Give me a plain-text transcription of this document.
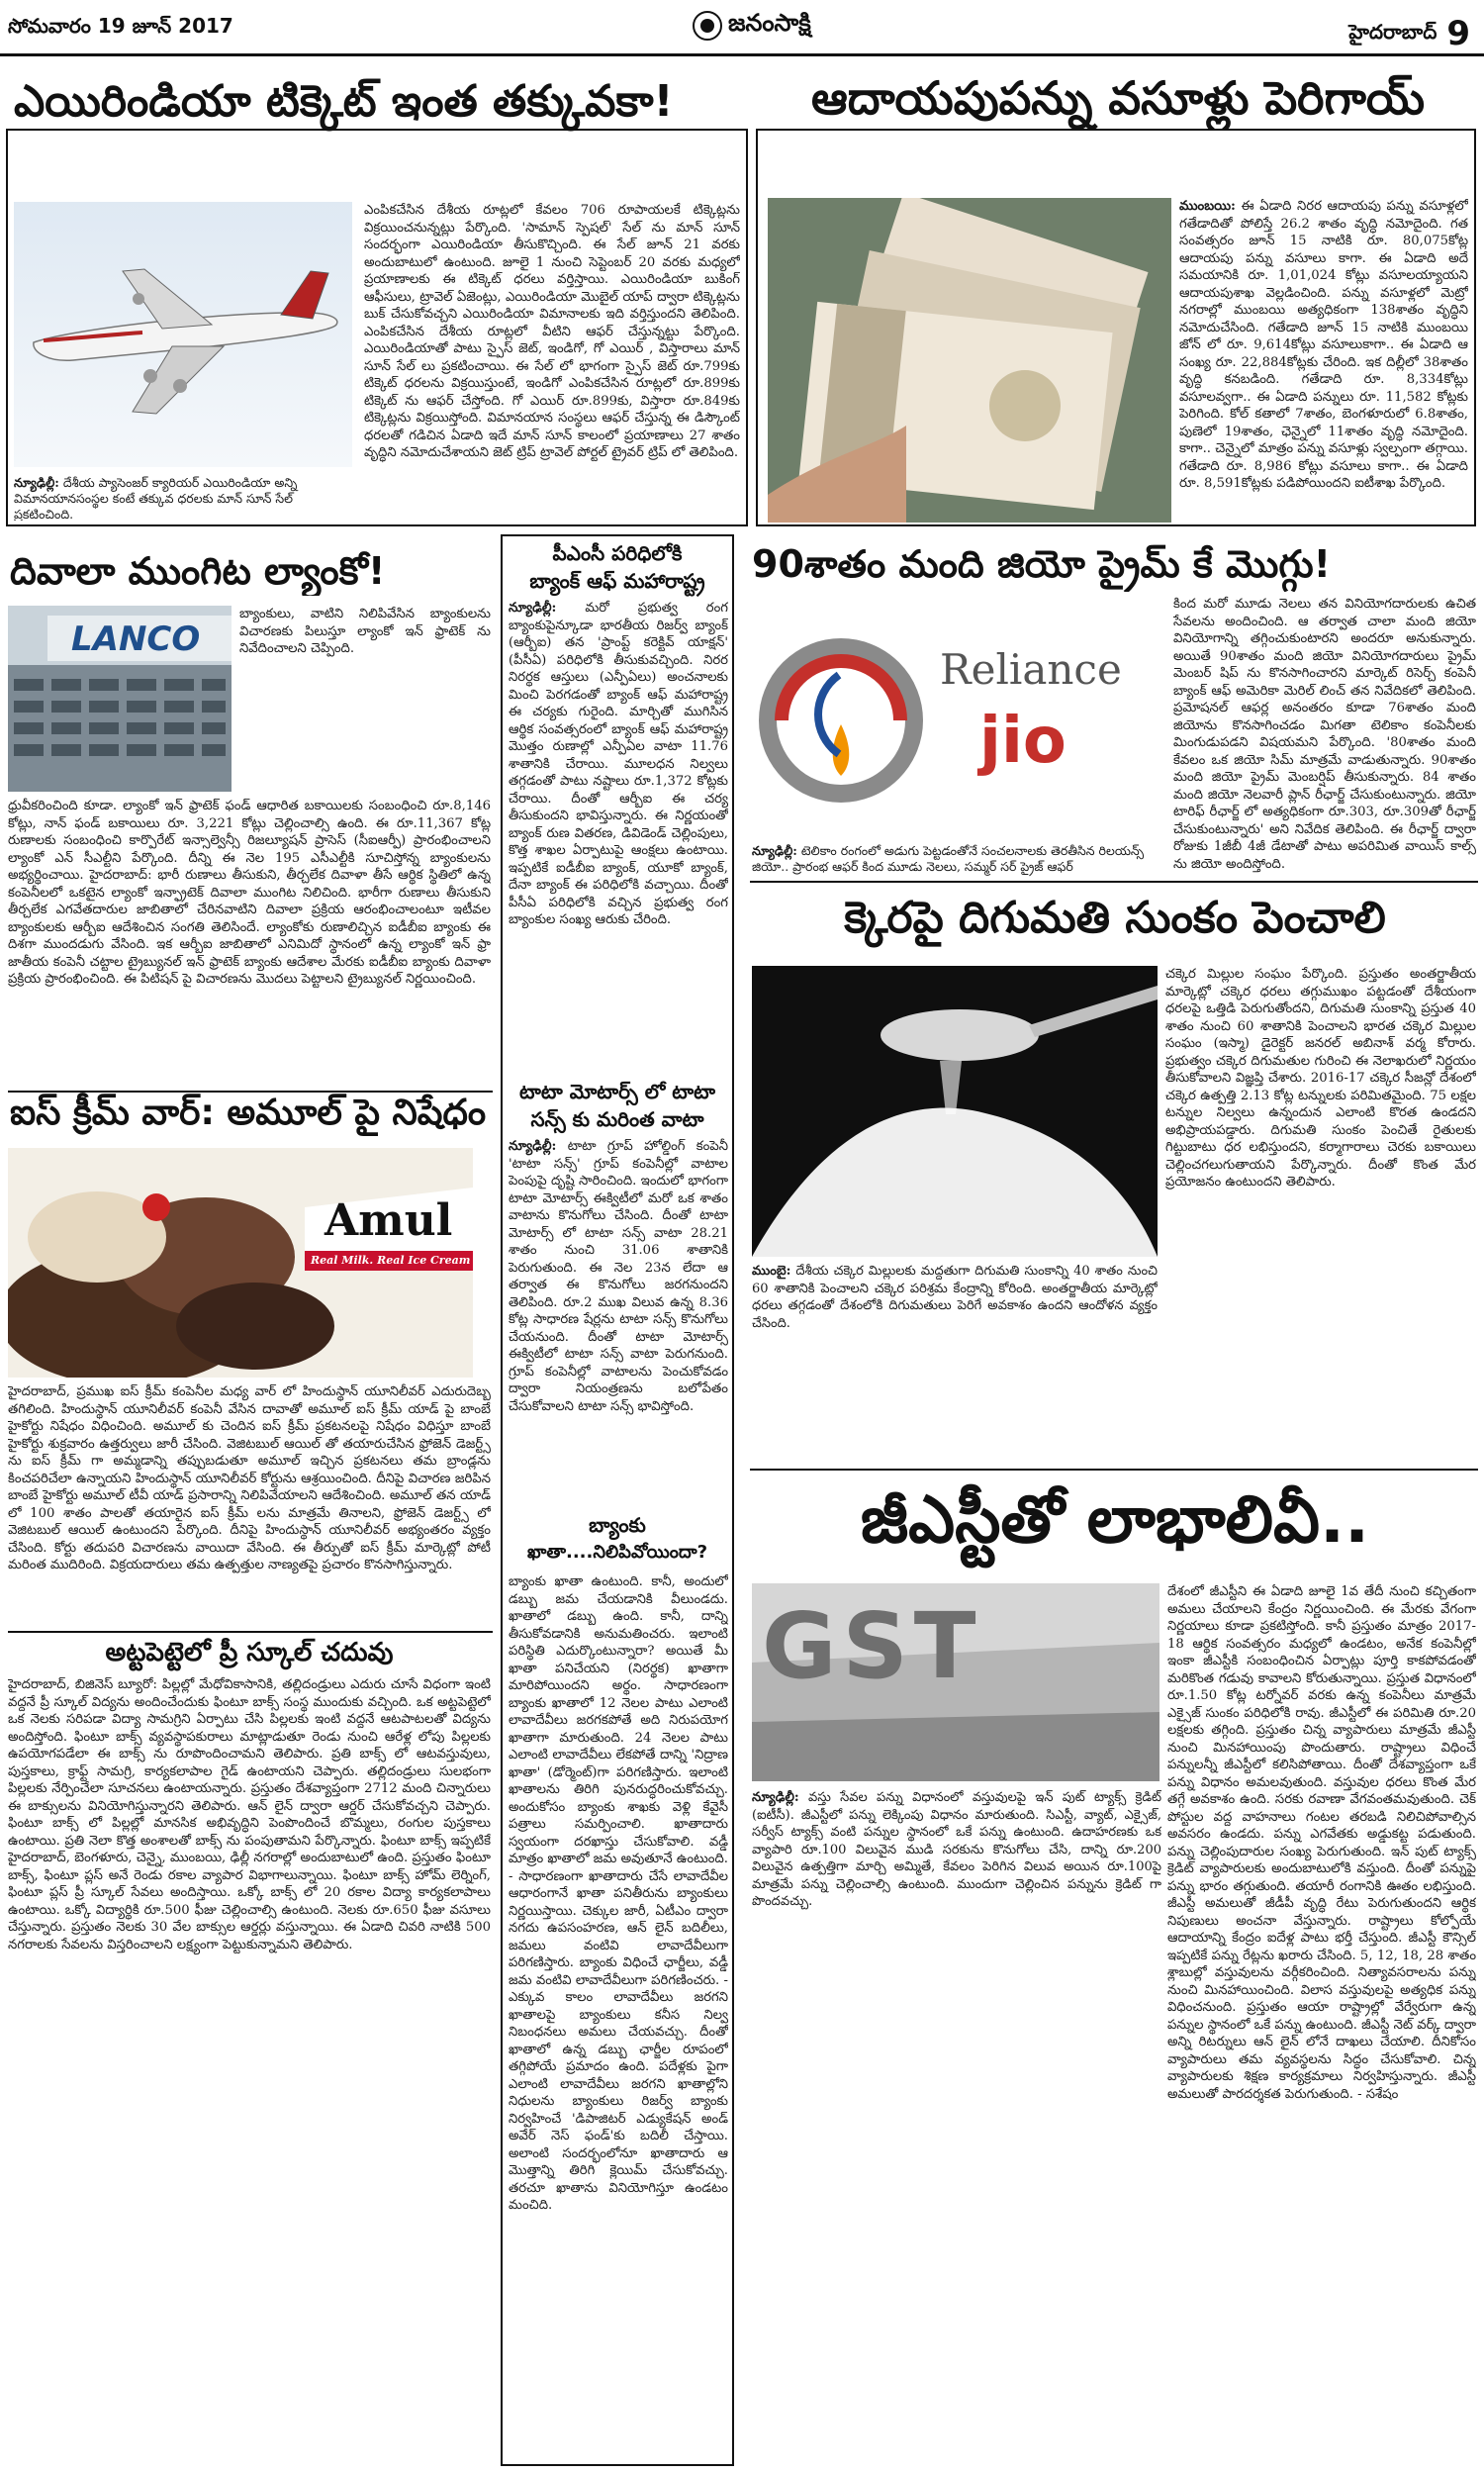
సోమవారం 19 జూన్ 2017	జనంసాక్షి	హైదరాబాద్ 9
ఎయిరిండియా టిక్కెట్ ఇంత తక్కువకా!
ఎంపికచేసిన దేశీయ రూట్లలో కేవలం 706 రూపాయలకే టిక్కెట్లను విక్రయించనున్నట్లు పేర్కొంది. 'సామాన్ స్పెషల్' సేల్ ను మాన్ సూన్ సందర్భంగా ఎయిరిండియా తీసుకొచ్చింది. ఈ సేల్ జూన్ 21 వరకు అందుబాటులో ఉంటుంది. జూలై 1 నుంచి సెప్టెంబర్ 20 వరకు మధ్యలో ప్రయాణాలకు ఈ టిక్కెట్ ధరలు వర్తిస్తాయి. ఎయిరిండియా బుకింగ్ ఆఫీసులు, ట్రావెల్ ఏజెంట్లు, ఎయిరిండియా మొబైల్ యాప్ ద్వారా టిక్కెట్లను బుక్ చేసుకోవచ్చని ఎయిరిండియా విమానాలకు ఇది వర్తిస్తుందని తెలిపింది. ఎంపికచేసిన దేశీయ రూట్లలో వీటిని ఆఫర్ చేస్తున్నట్టు పేర్కొంది. ఎయిరిండియాతో పాటు స్పైస్ జెట్, ఇండిగో, గో ఎయిర్ , విస్తారాలు మాన్ సూన్ సేల్ లు ప్రకటించాయి. ఈ సేల్ లో భాగంగా స్పైస్ జెట్ రూ.799కు టిక్కెట్ ధరలను విక్రయిస్తుంటే, ఇండిగో ఎంపికచేసిన రూట్లలో రూ.899కు టిక్కెట్ ను ఆఫర్ చేస్తోంది. గో ఎయిర్ రూ.899కు, విస్తారా రూ.849కు టిక్కెట్లను విక్రయిస్తోంది. విమానయాన సంస్థలు ఆఫర్ చేస్తున్న ఈ డిస్కౌంట్ ధరలతో గడిచిన ఏడాది ఇదే మాన్ సూన్ కాలంలో ప్రయాణాలు 27 శాతం వృద్ధిని నమోదుచేశాయని జెట్ ట్రిప్ ట్రావెల్ పోర్టల్ ట్రైవర్ ట్రిప్ లో తెలిపింది.
న్యూఢిల్లీ: దేశీయ ప్యాసెంజర్ క్యారియర్ ఎయిరిండియా అన్ని విమానయానసంస్థల కంటే తక్కువ ధరలకు మాన్ సూన్ సేల్ ప్రకటించింది.
ఆదాయపుపన్ను వసూళ్లు పెరిగాయ్
ముంబయి: ఈ ఏడాది నిరర ఆదాయపు పన్ను వసూళ్లలో గతేడాదితో పోలిస్తే 26.2 శాతం వృద్ధి నమోదైంది. గత సంవత్సరం జూన్ 15 నాటికి రూ. 80,075కోట్ల ఆదాయపు పన్ను వసూలు కాగా. ఈ ఏడాది అదే సమయానికి రూ. 1,01,024 కోట్లు వసూలయ్యాయని ఆదాయపుశాఖ వెల్లడించింది. పన్ను వసూళ్లలో మెట్రో నగరాల్లో ముంబయి అత్యధికంగా 138శాతం వృద్ధిని నమోదుచేసింది. గతేడాది జూన్ 15 నాటికి ముంబయి జోన్ లో రూ. 9,614కోట్లు వసూలుకాగా.. ఈ ఏడాది ఆ సంఖ్య రూ. 22,884కోట్లకు చేరింది. ఇక దిల్లీలో 38శాతం వృద్ధి కనబడింది. గతేడాది రూ. 8,334కోట్లు వసూలవ్వగా.. ఈ ఏడాది పన్నులు రూ. 11,582 కోట్లకు పెరిగింది. కోల్ కతాలో 7శాతం, బెంగళూరులో 6.8శాతం, పుణెలో 19శాతం, ఛెన్నైలో 11శాతం వృద్ధి నమోదైంది. కాగా.. చెన్నైలో మాత్రం పన్ను వసూళ్లు స్వల్పంగా తగ్గాయి. గతేడాది రూ. 8,986 కోట్లు వసూలు కాగా.. ఈ ఏడాది రూ. 8,591కోట్లకు పడిపోయిందని ఐటీశాఖ పేర్కొంది.
దివాలా ముంగిట ల్యాంకో!
LANCO
బ్యాంకులు, వాటిని నిలిపివేసిన బ్యాంకులను విచారణకు పిలుస్తూ ల్యాంకో ఇన్ ఫ్రాటెక్ ను నివేదించాలని చెప్పింది.
ధ్రువీకరించింది కూడా. ల్యాంకో ఇన్ ఫ్రాటెక్ ఫండ్ ఆధారిత బకాయిలకు సంబంధించి రూ.8,146 కోట్లు, నాన్ ఫండ్ బకాయిలు రూ. 3,221 కోట్లు చెల్లించాల్సి ఉంది. ఈ రూ.11,367 కోట్ల రుణాలకు సంబంధించి కార్పొరేట్ ఇన్సాల్వెన్సీ రిజల్యూషన్ ప్రాసెస్ (సీఐఆర్పీ) ప్రారంభించాలని ల్యాంకో ఎన్ సీఎల్టీని పేర్కొంది. దీన్ని ఈ నెల 195 ఎసీఎల్టీకి సూచిస్తోన్న బ్యాంకులను అభ్యర్థించాయి. హైదరాబాద్: భారీ రుణాలు తీసుకుని, తీర్చలేక దివాళా తీసే ఆర్థిక స్థితిలో ఉన్న కంపెనీలలో ఒకటైన ల్యాంకో ఇన్ఫ్రాటెక్ దివాలా ముంగిట నిలిచింది. భారీగా రుణాలు తీసుకుని తీర్చలేక ఎగవేతదారుల జాబితాలో చేరినవాటిని దివాలా ప్రక్రియ ఆరంభించాలంటూ ఇటీవల బ్యాంకులకు ఆర్బీఐ ఆదేశించిన సంగతి తెలిసిందే. ల్యాంకోకు రుణాలిచ్చిన ఐడీబీఐ బ్యాంకు ఈ దిశగా ముందడుగు వేసింది. ఇక ఆర్బీఐ జాబితాలో ఎనిమిదో స్థానంలో ఉన్న ల్యాంకో ఇన్ ఫ్రా జాతీయ కంపెనీ చట్టాల ట్రైబ్యునల్ ఇన్ ఫ్రాటెక్ బ్యాంకు ఆదేశాల మేరకు ఐడీబీఐ బ్యాంకు దివాళా ప్రక్రియ ప్రారంభించింది. ఈ పిటిషన్ పై విచారణను మొదలు పెట్టాలని ట్రైబ్యునల్ నిర్ణయించింది.
ఐస్ క్రీమ్ వార్: అమూల్ పై నిషేధం
Amul
Real Milk. Real Ice Cream
హైదరాబాద్, ప్రముఖ ఐస్ క్రీమ్ కంపెనీల మధ్య వార్ లో హిందుస్థాన్ యూనిలీవర్ ఎదురుదెబ్బ తగిలింది. హిందుస్థాన్ యూనిలీవర్ కంపెనీ వేసిన దావాతో అమూల్ ఐస్ క్రీమ్ యాడ్ పై బాంబే హైకోర్టు నిషేధం విధించింది. అమూల్ కు చెందిన ఐస్ క్రీమ్ ప్రకటనలపై నిషేధం విధిస్తూ బాంబే హైకోర్టు శుక్రవారం ఉత్తర్వులు జారీ చేసింది. వెజిటబుల్ ఆయిల్ తో తయారుచేసిన ఫ్రోజెన్ డెజర్ట్స్ ను ఐస్ క్రీమ్ గా అమ్మడాన్ని తప్పుబడుతూ అమూల్ ఇచ్చిన ప్రకటనలు తమ బ్రాండ్లను కించపరిచేలా ఉన్నాయని హిందుస్థాన్ యూనిలీవర్ కోర్టును ఆశ్రయించింది. దీనిపై విచారణ జరిపిన బాంబే హైకోర్టు అమూల్ టీవీ యాడ్ ప్రసారాన్ని నిలిపివేయాలని ఆదేశించింది. అమూల్ తన యాడ్ లో 100 శాతం పాలతో తయారైన ఐస్ క్రీమ్ లను మాత్రమే తినాలని, ఫ్రోజెన్ డెజర్ట్స్ లో వెజిటబుల్ ఆయిల్ ఉంటుందని పేర్కొంది. దీనిపై హిందుస్థాన్ యూనిలీవర్ అభ్యంతరం వ్యక్తం చేసింది. కోర్టు తదుపరి విచారణను వాయిదా వేసింది. ఈ తీర్పుతో ఐస్ క్రీమ్ మార్కెట్లో పోటీ మరింత ముదిరింది. విక్రయదారులు తమ ఉత్పత్తుల నాణ్యతపై ప్రచారం కొనసాగిస్తున్నారు.
అట్టపెట్టెలో ప్రీ స్కూల్ చదువు
హైదరాబాద్, బిజినెస్ బ్యూరో: పిల్లల్లో మేధోవికాసానికి, తల్లిదండ్రులు ఎదురు చూసే విధంగా ఇంటి వద్దనే ప్రీ స్కూల్ విద్యను అందించేందుకు ఫింటూ బాక్స్ సంస్థ ముందుకు వచ్చింది. ఒక అట్టపెట్టెలో ఒక నెలకు సరిపడా విద్యా సామగ్రిని ఏర్పాటు చేసి పిల్లలకు ఇంటి వద్దనే ఆటపాటలతో విద్యను అందిస్తోంది. ఫింటూ బాక్స్ వ్యవస్థాపకురాలు మాట్లాడుతూ రెండు నుంచి ఆరేళ్ల లోపు పిల్లలకు ఉపయోగపడేలా ఈ బాక్స్ ను రూపొందించామని తెలిపారు. ప్రతి బాక్స్ లో ఆటవస్తువులు, పుస్తకాలు, క్రాఫ్ట్ సామగ్రి, కార్యకలాపాల గైడ్ ఉంటాయని చెప్పారు. తల్లిదండ్రులు సులభంగా పిల్లలకు నేర్పించేలా సూచనలు ఉంటాయన్నారు. ప్రస్తుతం దేశవ్యాప్తంగా 2712 మంది చిన్నారులు ఈ బాక్సులను వినియోగిస్తున్నారని తెలిపారు. ఆన్ లైన్ ద్వారా ఆర్డర్ చేసుకోవచ్చని చెప్పారు. ఫింటూ బాక్స్ లో పిల్లల్లో మానసిక అభివృద్ధిని పెంపొందించే బొమ్మలు, రంగుల పుస్తకాలు ఉంటాయి. ప్రతి నెలా కొత్త అంశాలతో బాక్స్ ను పంపుతామని పేర్కొన్నారు. ఫింటూ బాక్స్ ఇప్పటికే హైదరాబాద్, బెంగళూరు, చెన్నై, ముంబయి, ఢిల్లీ నగరాల్లో అందుబాటులో ఉంది. ప్రస్తుతం ఫింటూ బాక్స్, ఫింటూ ప్లస్ అనే రెండు రకాల వ్యాపార విభాగాలున్నాయి. ఫింటూ బాక్స్ హోమ్ లెర్నింగ్, ఫింటూ ప్లస్ ప్రీ స్కూల్ సేవలు అందిస్తాయి. ఒక్కో బాక్స్ లో 20 రకాల విద్యా కార్యకలాపాలు ఉంటాయి. ఒక్కో విద్యార్థికి రూ.500 ఫీజు చెల్లించాల్సి ఉంటుంది. నెలకు రూ.650 ఫీజు వసూలు చేస్తున్నారు. ప్రస్తుతం నెలకు 30 వేల బాక్సుల ఆర్డర్లు వస్తున్నాయి. ఈ ఏడాది చివరి నాటికి 500 నగరాలకు సేవలను విస్తరించాలని లక్ష్యంగా పెట్టుకున్నామని తెలిపారు.
పీఎంసీ పరిధిలోకి
బ్యాంక్ ఆఫ్ మహారాష్ట్ర
న్యూఢిల్లీ: మరో ప్రభుత్వ రంగ బ్యాంకుపైన్కూడా భారతీయ రిజర్వ్ బ్యాంక్ (ఆర్బీఐ) తన 'ప్రాంప్ట్ కరెక్టివ్ యాక్షన్' (పీసీఏ) పరిధిలోకి తీసుకువచ్చింది. నిరర నిరర్థక ఆస్తులు (ఎన్పీఏలు) అంచనాలకు మించి పెరగడంతో బ్యాంక్ ఆఫ్ మహారాష్ట్ర ఈ చర్యకు గురైంది. మార్చితో ముగిసిన ఆర్థిక సంవత్సరంలో బ్యాంక్ ఆఫ్ మహారాష్ట్ర మొత్తం రుణాల్లో ఎన్పీఏల వాటా 11.76 శాతానికి చేరాయి. మూలధన నిల్వలు తగ్గడంతో పాటు నష్టాలు రూ.1,372 కోట్లకు చేరాయి. దీంతో ఆర్బీఐ ఈ చర్య తీసుకుందని భావిస్తున్నారు. ఈ నిర్ణయంతో బ్యాంక్ రుణ వితరణ, డివిడెండ్ చెల్లింపులు, కొత్త శాఖల ఏర్పాటుపై ఆంక్షలు ఉంటాయి. ఇప్పటికే ఐడీబీఐ బ్యాంక్, యూకో బ్యాంక్, దేనా బ్యాంక్ ఈ పరిధిలోకి వచ్చాయి. దీంతో పీసీఏ పరిధిలోకి వచ్చిన ప్రభుత్వ రంగ బ్యాంకుల సంఖ్య ఆరుకు చేరింది.
టాటా మోటార్స్ లో టాటా
సన్స్ కు మరింత వాటా
న్యూఢిల్లీ: టాటా గ్రూప్ హోల్డింగ్ కంపెనీ 'టాటా సన్స్' గ్రూప్ కంపెనీల్లో వాటాల పెంపుపై దృష్టి సారించింది. ఇందులో భాగంగా టాటా మోటార్స్ ఈక్విటీలో మరో ఒక శాతం వాటాను కొనుగోలు చేసింది. దీంతో టాటా మోటార్స్ లో టాటా సన్స్ వాటా 28.21 శాతం నుంచి 31.06 శాతానికి పెరుగుతుంది. ఈ నెల 23న లేదా ఆ తర్వాత ఈ కొనుగోలు జరగనుందని తెలిపింది. రూ.2 ముఖ విలువ ఉన్న 8.36 కోట్ల సాధారణ షేర్లను టాటా సన్స్ కొనుగోలు చేయనుంది. దీంతో టాటా మోటార్స్ ఈక్విటీలో టాటా సన్స్ వాటా పెరుగనుంది. గ్రూప్ కంపెనీల్లో వాటాలను పెంచుకోవడం ద్వారా నియంత్రణను బలోపేతం చేసుకోవాలని టాటా సన్స్ భావిస్తోంది.
బ్యాంకు
ఖాతా....నిలిపివోయిందా?
బ్యాంకు ఖాతా ఉంటుంది. కానీ, అందులో డబ్బు జమ చేయడానికి వీలుండదు. ఖాతాలో డబ్బు ఉంది. కానీ, దాన్ని తీసుకోవడానికి అనుమతించరు. ఇలాంటి పరిస్థితి ఎదుర్కొంటున్నారా? అయితే మీ ఖాతా పనిచేయని (నిరర్థక) ఖాతాగా మారిపోయిందని అర్థం. సాధారణంగా బ్యాంకు ఖాతాలో 12 నెలల పాటు ఎలాంటి లావాదేవీలు జరగకపోతే అది నిరుపయోగ ఖాతాగా మారుతుంది. 24 నెలల పాటు ఎలాంటి లావాదేవీలు లేకపోతే దాన్ని 'నిద్రాణ ఖాతా' (డోర్మెంట్)గా పరిగణిస్తారు. ఇలాంటి ఖాతాలను తిరిగి పునరుద్ధరించుకోవచ్చు. అందుకోసం బ్యాంకు శాఖకు వెళ్లి కేవైసీ పత్రాలు సమర్పించాలి. ఖాతాదారు స్వయంగా దరఖాస్తు చేసుకోవాలి. వడ్డీ మాత్రం ఖాతాలో జమ అవుతూనే ఉంటుంది. - సాధారణంగా ఖాతాదారు చేసే లావాదేవీల ఆధారంగానే ఖాతా పనితీరును బ్యాంకులు నిర్ణయిస్తాయి. చెక్కుల జారీ, ఏటీఎం ద్వారా నగదు ఉపసంహరణ, ఆన్ లైన్ బదిలీలు, జమలు వంటివి లావాదేవీలుగా పరిగణిస్తారు. బ్యాంకు విధించే ఛార్జీలు, వడ్డీ జమ వంటివి లావాదేవీలుగా పరిగణించరు. - ఎక్కువ కాలం లావాదేవీలు జరగని ఖాతాలపై బ్యాంకులు కనీస నిల్వ నిబంధనలు అమలు చేయవచ్చు. దీంతో ఖాతాలో ఉన్న డబ్బు ఛార్జీల రూపంలో తగ్గిపోయే ప్రమాదం ఉంది. పదేళ్లకు పైగా ఎలాంటి లావాదేవీలు జరగని ఖాతాల్లోని నిధులను బ్యాంకులు రిజర్వ్ బ్యాంకు నిర్వహించే 'డిపాజిటర్ ఎడ్యుకేషన్ అండ్ అవేర్ నెస్ ఫండ్'కు బదిలీ చేస్తాయి. అలాంటి సందర్భంలోనూ ఖాతాదారు ఆ మొత్తాన్ని తిరిగి క్లెయిమ్ చేసుకోవచ్చు. తరచూ ఖాతాను వినియోగిస్తూ ఉండటం మంచిది.
90శాతం మంది జియో ప్రైమ్ కే మొగ్గు!
Reliance
jio
కింద మరో మూడు నెలలు తన వినియోగదారులకు ఉచిత సేవలను అందించింది. ఆ తర్వాత చాలా మంది జియో వినియోగాన్ని తగ్గించుకుంటారని అందరూ అనుకున్నారు. అయితే 90శాతం మంది జియో వినియోగదారులు ప్రైమ్ మెంబర్ షిప్ ను కొనసాగించారని మార్కెట్ రిసెర్చ్ కంపెనీ బ్యాంక్ ఆఫ్ అమెరికా మెరిల్ లించ్ తన నివేదికలో తెలిపింది. ప్రమోషనల్ ఆఫర్ల అనంతరం కూడా 76శాతం మంది జియోను కొనసాగించడం మిగతా టెలికాం కంపెనీలకు మింగుడుపడని విషయమని పేర్కొంది. '80శాతం మంది కేవలం ఒక జియో సిమ్ మాత్రమే వాడుతున్నారు. 90శాతం మంది జియో ప్రైమ్ మెంబర్షిప్ తీసుకున్నారు. 84 శాతం మంది జియో నెలవారీ ప్లాన్ రీఛార్జ్ చేసుకుంటున్నారు. జియో టారిఫ్ రీఛార్జ్ లో అత్యధికంగా రూ.303, రూ.309తో రీఛార్జ్ చేసుకుంటున్నారు' అని నివేదిక తెలిపింది. ఈ రీఛార్జ్ ద్వారా రోజుకు 1జీబీ 4జీ డేటాతో పాటు అపరిమిత వాయిస్ కాల్స్ ను జియో అందిస్తోంది.
న్యూఢిల్లీ: టెలికాం రంగంలో అడుగు పెట్టడంతోనే సంచలనాలకు తెరతీసిన రిలయన్స్ జియో.. ప్రారంభ ఆఫర్ కింద మూడు నెలలు, సమ్మర్ సర్ ప్రైజ్ ఆఫర్
క్కెరపై దిగుమతి సుంకం పెంచాలి
చక్కెర మిల్లుల సంఘం పేర్కొంది. ప్రస్తుతం అంతర్జాతీయ మార్కెట్లో చక్కెర ధరలు తగ్గుముఖం పట్టడంతో దేశీయంగా ధరలపై ఒత్తిడి పెరుగుతోందని, దిగుమతి సుంకాన్ని ప్రస్తుత 40 శాతం నుంచి 60 శాతానికి పెంచాలని భారత చక్కెర మిల్లుల సంఘం (ఇస్మా) డైరెక్టర్ జనరల్ అబినాశ్ వర్మ కోరారు. ప్రభుత్వం చక్కెర దిగుమతుల గురించి ఈ నెలాఖరులో నిర్ణయం తీసుకోవాలని విజ్ఞప్తి చేశారు. 2016-17 చక్కెర సీజన్లో దేశంలో చక్కెర ఉత్పత్తి 2.13 కోట్ల టన్నులకు పరిమితమైంది. 75 లక్షల టన్నుల నిల్వలు ఉన్నందున ఎలాంటి కొరత ఉండదని అభిప్రాయపడ్డారు. దిగుమతి సుంకం పెంచితే రైతులకు గిట్టుబాటు ధర లభిస్తుందని, కర్మాగారాలు చెరకు బకాయిలు చెల్లించగలుగుతాయని పేర్కొన్నారు. దీంతో కొంత మేర ప్రయోజనం ఉంటుందని తెలిపారు.
ముంబై: దేశీయ చక్కెర మిల్లులకు మద్దతుగా దిగుమతి సుంకాన్ని 40 శాతం నుంచి 60 శాతానికి పెంచాలని చక్కెర పరిశ్రమ కేంద్రాన్ని కోరింది. అంతర్జాతీయ మార్కెట్లో ధరలు తగ్గడంతో దేశంలోకి దిగుమతులు పెరిగే అవకాశం ఉందని ఆందోళన వ్యక్తం చేసింది.
జీఎస్టీతో లాభాలివీ..
GST
దేశంలో జీఎస్టీని ఈ ఏడాది జూలై 1వ తేదీ నుంచి కచ్చితంగా అమలు చేయాలని కేంద్రం నిర్ణయించింది. ఈ మేరకు వేగంగా నిర్ణయాలు కూడా ప్రకటిస్తోంది. కానీ ప్రస్తుతం మాత్రం 2017-18 ఆర్థిక సంవత్సరం మధ్యలో ఉండటం, అనేక కంపెనీల్లో ఇంకా జీఎస్టీకి సంబంధించిన ఏర్పాట్లు పూర్తి కాకపోవడంతో మరికొంత గడువు కావాలని కోరుతున్నాయి. ప్రస్తుత విధానంలో రూ.1.50 కోట్ల టర్నోవర్ వరకు ఉన్న కంపెనీలు మాత్రమే ఎక్సైజ్ సుంకం పరిధిలోకి రావు. జీఎస్టీలో ఈ పరిమితి రూ.20 లక్షలకు తగ్గింది. ప్రస్తుతం చిన్న వ్యాపారులు మాత్రమే జీఎస్టీ నుంచి మినహాయింపు పొందుతారు. రాష్ట్రాలు విధించే పన్నులన్నీ జీఎస్టీలో కలిసిపోతాయి. దీంతో దేశవ్యాప్తంగా ఒకే పన్ను విధానం అమలవుతుంది. వస్తువుల ధరలు కొంత మేర తగ్గే అవకాశం ఉంది. సరకు రవాణా వేగవంతమవుతుంది. చెక్ పోస్టుల వద్ద వాహనాలు గంటల తరబడి నిలిచిపోవాల్సిన అవసరం ఉండదు. పన్ను ఎగవేతకు అడ్డుకట్ట పడుతుంది. పన్ను చెల్లింపుదారుల సంఖ్య పెరుగుతుంది. ఇన్ పుట్ ట్యాక్స్ క్రెడిట్ వ్యాపారులకు అందుబాటులోకి వస్తుంది. దీంతో పన్నుపై పన్ను భారం తగ్గుతుంది. తయారీ రంగానికి ఊతం లభిస్తుంది. జీఎస్టీ అమలుతో జీడీపీ వృద్ధి రేటు పెరుగుతుందని ఆర్థిక నిపుణులు అంచనా వేస్తున్నారు. రాష్ట్రాలు కోల్పోయే ఆదాయాన్ని కేంద్రం ఐదేళ్ల పాటు భర్తీ చేస్తుంది. జీఎస్టీ కౌన్సిల్ ఇప్పటికే పన్ను రేట్లను ఖరారు చేసింది. 5, 12, 18, 28 శాతం శ్లాబుల్లో వస్తువులను వర్గీకరించింది. నిత్యావసరాలను పన్ను నుంచి మినహాయించింది. విలాస వస్తువులపై అత్యధిక పన్ను విధించనుంది. ప్రస్తుతం ఆయా రాష్ట్రాల్లో వేర్వేరుగా ఉన్న పన్నుల స్థానంలో ఒకే పన్ను ఉంటుంది. జీఎస్టీ నెట్ వర్క్ ద్వారా అన్ని రిటర్నులు ఆన్ లైన్ లోనే దాఖలు చేయాలి. దీనికోసం వ్యాపారులు తమ వ్యవస్థలను సిద్ధం చేసుకోవాలి. చిన్న వ్యాపారులకు శిక్షణ కార్యక్రమాలు నిర్వహిస్తున్నారు. జీఎస్టీ అమలుతో పారదర్శకత పెరుగుతుంది. - సశేషం
న్యూఢిల్లీ: వస్తు సేవల పన్ను విధానంలో వస్తువులపై ఇన్ పుట్ ట్యాక్స్ క్రెడిట్ (ఐటీసీ). జీఎస్టీలో పన్ను లెక్కింపు విధానం మారుతుంది. సిఎస్టీ, వ్యాట్, ఎక్సైజ్, సర్వీస్ ట్యాక్స్ వంటి పన్నుల స్థానంలో ఒకే పన్ను ఉంటుంది. ఉదాహరణకు ఒక వ్యాపారి రూ.100 విలువైన ముడి సరకును కొనుగోలు చేసి, దాన్ని రూ.200 విలువైన ఉత్పత్తిగా మార్చి అమ్మితే, కేవలం పెరిగిన విలువ అయిన రూ.100పై మాత్రమే పన్ను చెల్లించాల్సి ఉంటుంది. ముందుగా చెల్లించిన పన్నును క్రెడిట్ గా పొందవచ్చు.
